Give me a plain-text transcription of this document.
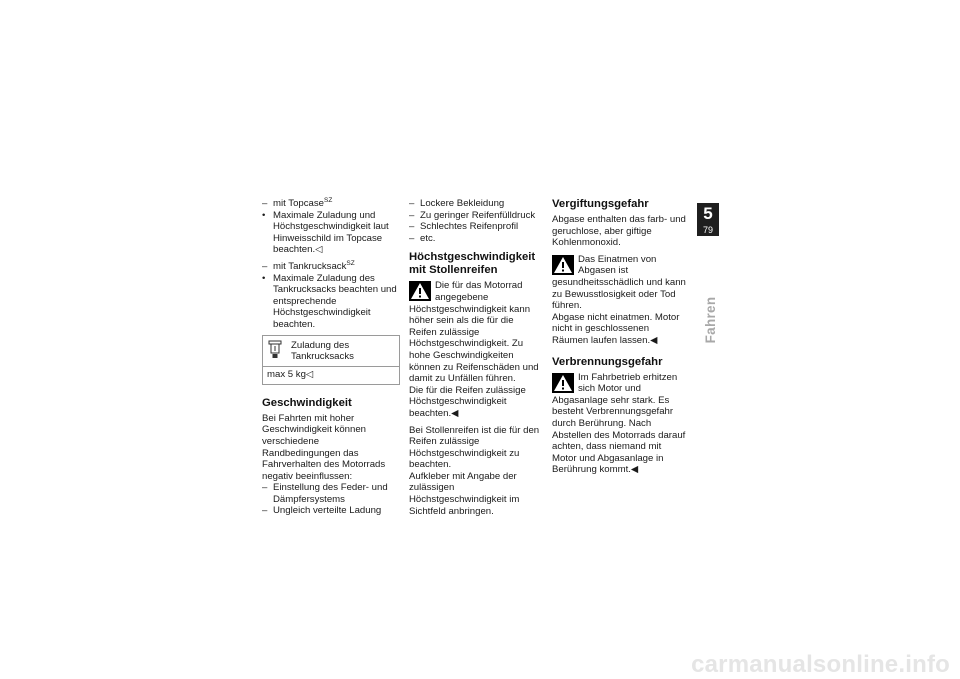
– mit Topcase$^{SZ}$

• Maximale Zuladung und Höchstgeschwindigkeit laut Hinweisschild im Topcase beachten.◁

– mit Tankrucksack$^{SZ}$

• Maximale Zuladung des Tankrucksacks beachten und entsprechende Höchstgeschwindigkeit beachten.

Zuladung des Tankrucksacks
max 5 kg◁
Geschwindigkeit

Bei Fahrten mit hoher Geschwindigkeit können verschiedene Randbedingungen das Fahrverhalten des Motorrads negativ beeinflussen:

– Einstellung des Feder- und Dämpfersystems

– Ungleich verteilte Ladung

– Lockere Bekleidung

– Zu geringer Reifenfülldruck

– Schlechtes Reifenprofil

– etc.

Höchstgeschwindigkeit mit Stollenreifen

Die für das Motorrad angegebene Höchstgeschwindigkeit kann höher sein als die für die Reifen zulässige Höchstgeschwindigkeit. Zu hohe Geschwindigkeiten können zu Reifenschäden und damit zu Unfällen führen.

Die für die Reifen zulässige Höchstgeschwindigkeit beachten.◀

Bei Stollenreifen ist die für den Reifen zulässige Höchstgeschwindigkeit zu beachten.

Aufkleber mit Angabe der zulässigen Höchstgeschwindigkeit im Sichtfeld anbringen.

Vergiftungsgefahr

Abgase enthalten das farb- und geruchlose, aber giftige Kohlenmonoxid.

Das Einatmen von Abgasen ist gesundheitsschädlich und kann zu Bewusstlosigkeit oder Tod führen.

Abgase nicht einatmen. Motor nicht in geschlossenen Räumen laufen lassen.◀

Verbrennungsgefahr

Im Fahrbetrieb erhitzen sich Motor und Abgasanlage sehr stark. Es besteht Verbrennungsgefahr durch Berührung. Nach Abstellen des Motorrads darauf achten, dass niemand mit Motor und Abgasanlage in Berührung kommt.◀

5
79
Fahren
carmanualsonline.info
